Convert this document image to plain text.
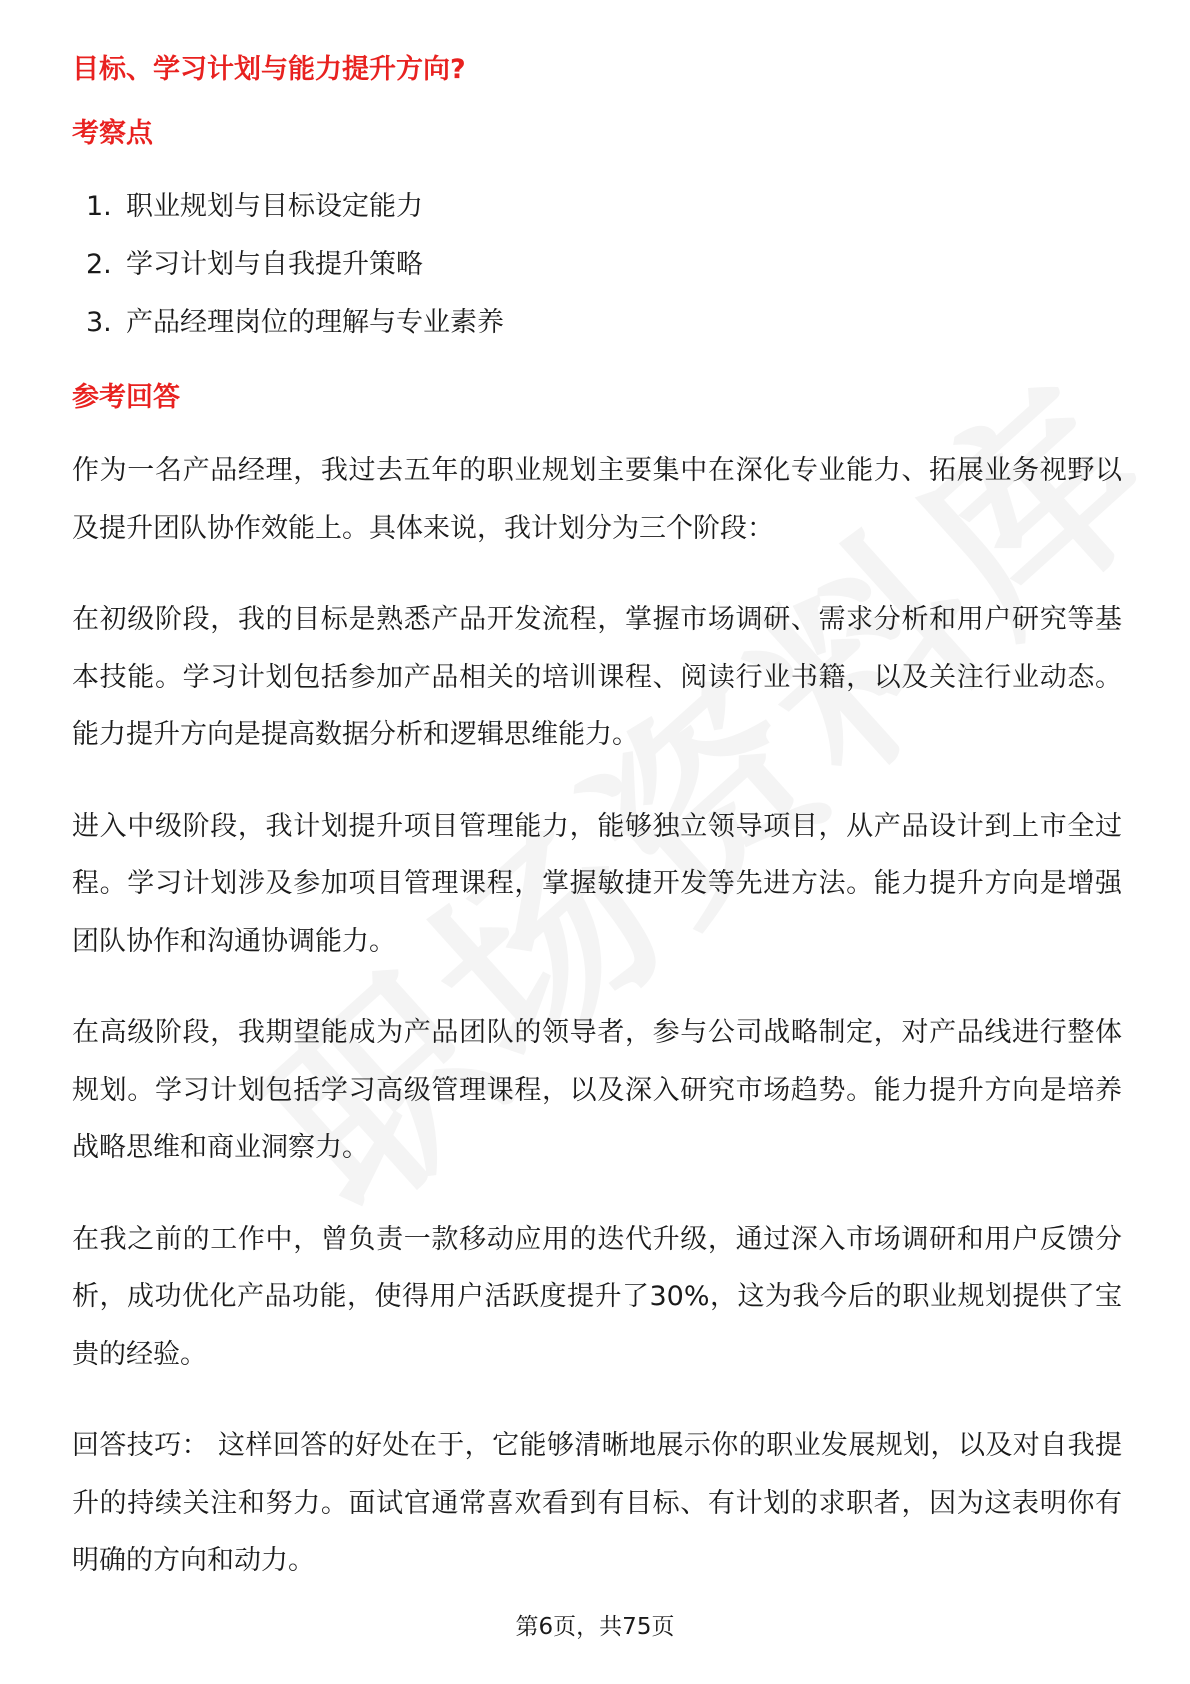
目标、学习计划与能力提升方向?
考察点
1. 职业规划与目标设定能力
2. 学习计划与自我提升策略
3. 产品经理岗位的理解与专业素养
参考回答

作为一名产品经理，我过去五年的职业规划主要集中在深化专业能力、拓展业务视野以及提升团队协作效能上。具体来说，我计划分为三个阶段：

在初级阶段，我的目标是熟悉产品开发流程，掌握市场调研、需求分析和用户研究等基本技能。学习计划包括参加产品相关的培训课程、阅读行业书籍，以及关注行业动态。能力提升方向是提高数据分析和逻辑思维能力。

进入中级阶段，我计划提升项目管理能力，能够独立领导项目，从产品设计到上市全过程。学习计划涉及参加项目管理课程，掌握敏捷开发等先进方法。能力提升方向是增强团队协作和沟通协调能力。

在高级阶段，我期望能成为产品团队的领导者，参与公司战略制定，对产品线进行整体规划。学习计划包括学习高级管理课程，以及深入研究市场趋势。能力提升方向是培养战略思维和商业洞察力。

在我之前的工作中，曾负责一款移动应用的迭代升级，通过深入市场调研和用户反馈分析，成功优化产品功能，使得用户活跃度提升了30%，这为我今后的职业规划提供了宝贵的经验。

回答技巧： 这样回答的好处在于，它能够清晰地展示你的职业发展规划，以及对自我提升的持续关注和努力。面试官通常喜欢看到有目标、有计划的求职者，因为这表明你有明确的方向和动力。

第6页，共75页
